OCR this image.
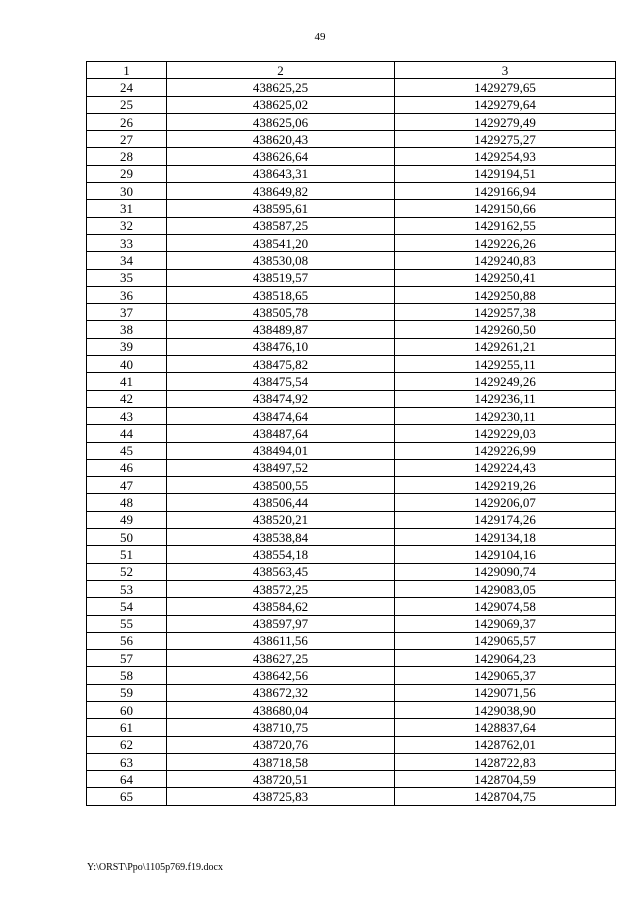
49
1	2	3
24	438625,25	1429279,65
25	438625,02	1429279,64
26	438625,06	1429279,49
27	438620,43	1429275,27
28	438626,64	1429254,93
29	438643,31	1429194,51
30	438649,82	1429166,94
31	438595,61	1429150,66
32	438587,25	1429162,55
33	438541,20	1429226,26
34	438530,08	1429240,83
35	438519,57	1429250,41
36	438518,65	1429250,88
37	438505,78	1429257,38
38	438489,87	1429260,50
39	438476,10	1429261,21
40	438475,82	1429255,11
41	438475,54	1429249,26
42	438474,92	1429236,11
43	438474,64	1429230,11
44	438487,64	1429229,03
45	438494,01	1429226,99
46	438497,52	1429224,43
47	438500,55	1429219,26
48	438506,44	1429206,07
49	438520,21	1429174,26
50	438538,84	1429134,18
51	438554,18	1429104,16
52	438563,45	1429090,74
53	438572,25	1429083,05
54	438584,62	1429074,58
55	438597,97	1429069,37
56	438611,56	1429065,57
57	438627,25	1429064,23
58	438642,56	1429065,37
59	438672,32	1429071,56
60	438680,04	1429038,90
61	438710,75	1428837,64
62	438720,76	1428762,01
63	438718,58	1428722,83
64	438720,51	1428704,59
65	438725,83	1428704,75
Y:\ORST\Ppo\1105p769.f19.docx
